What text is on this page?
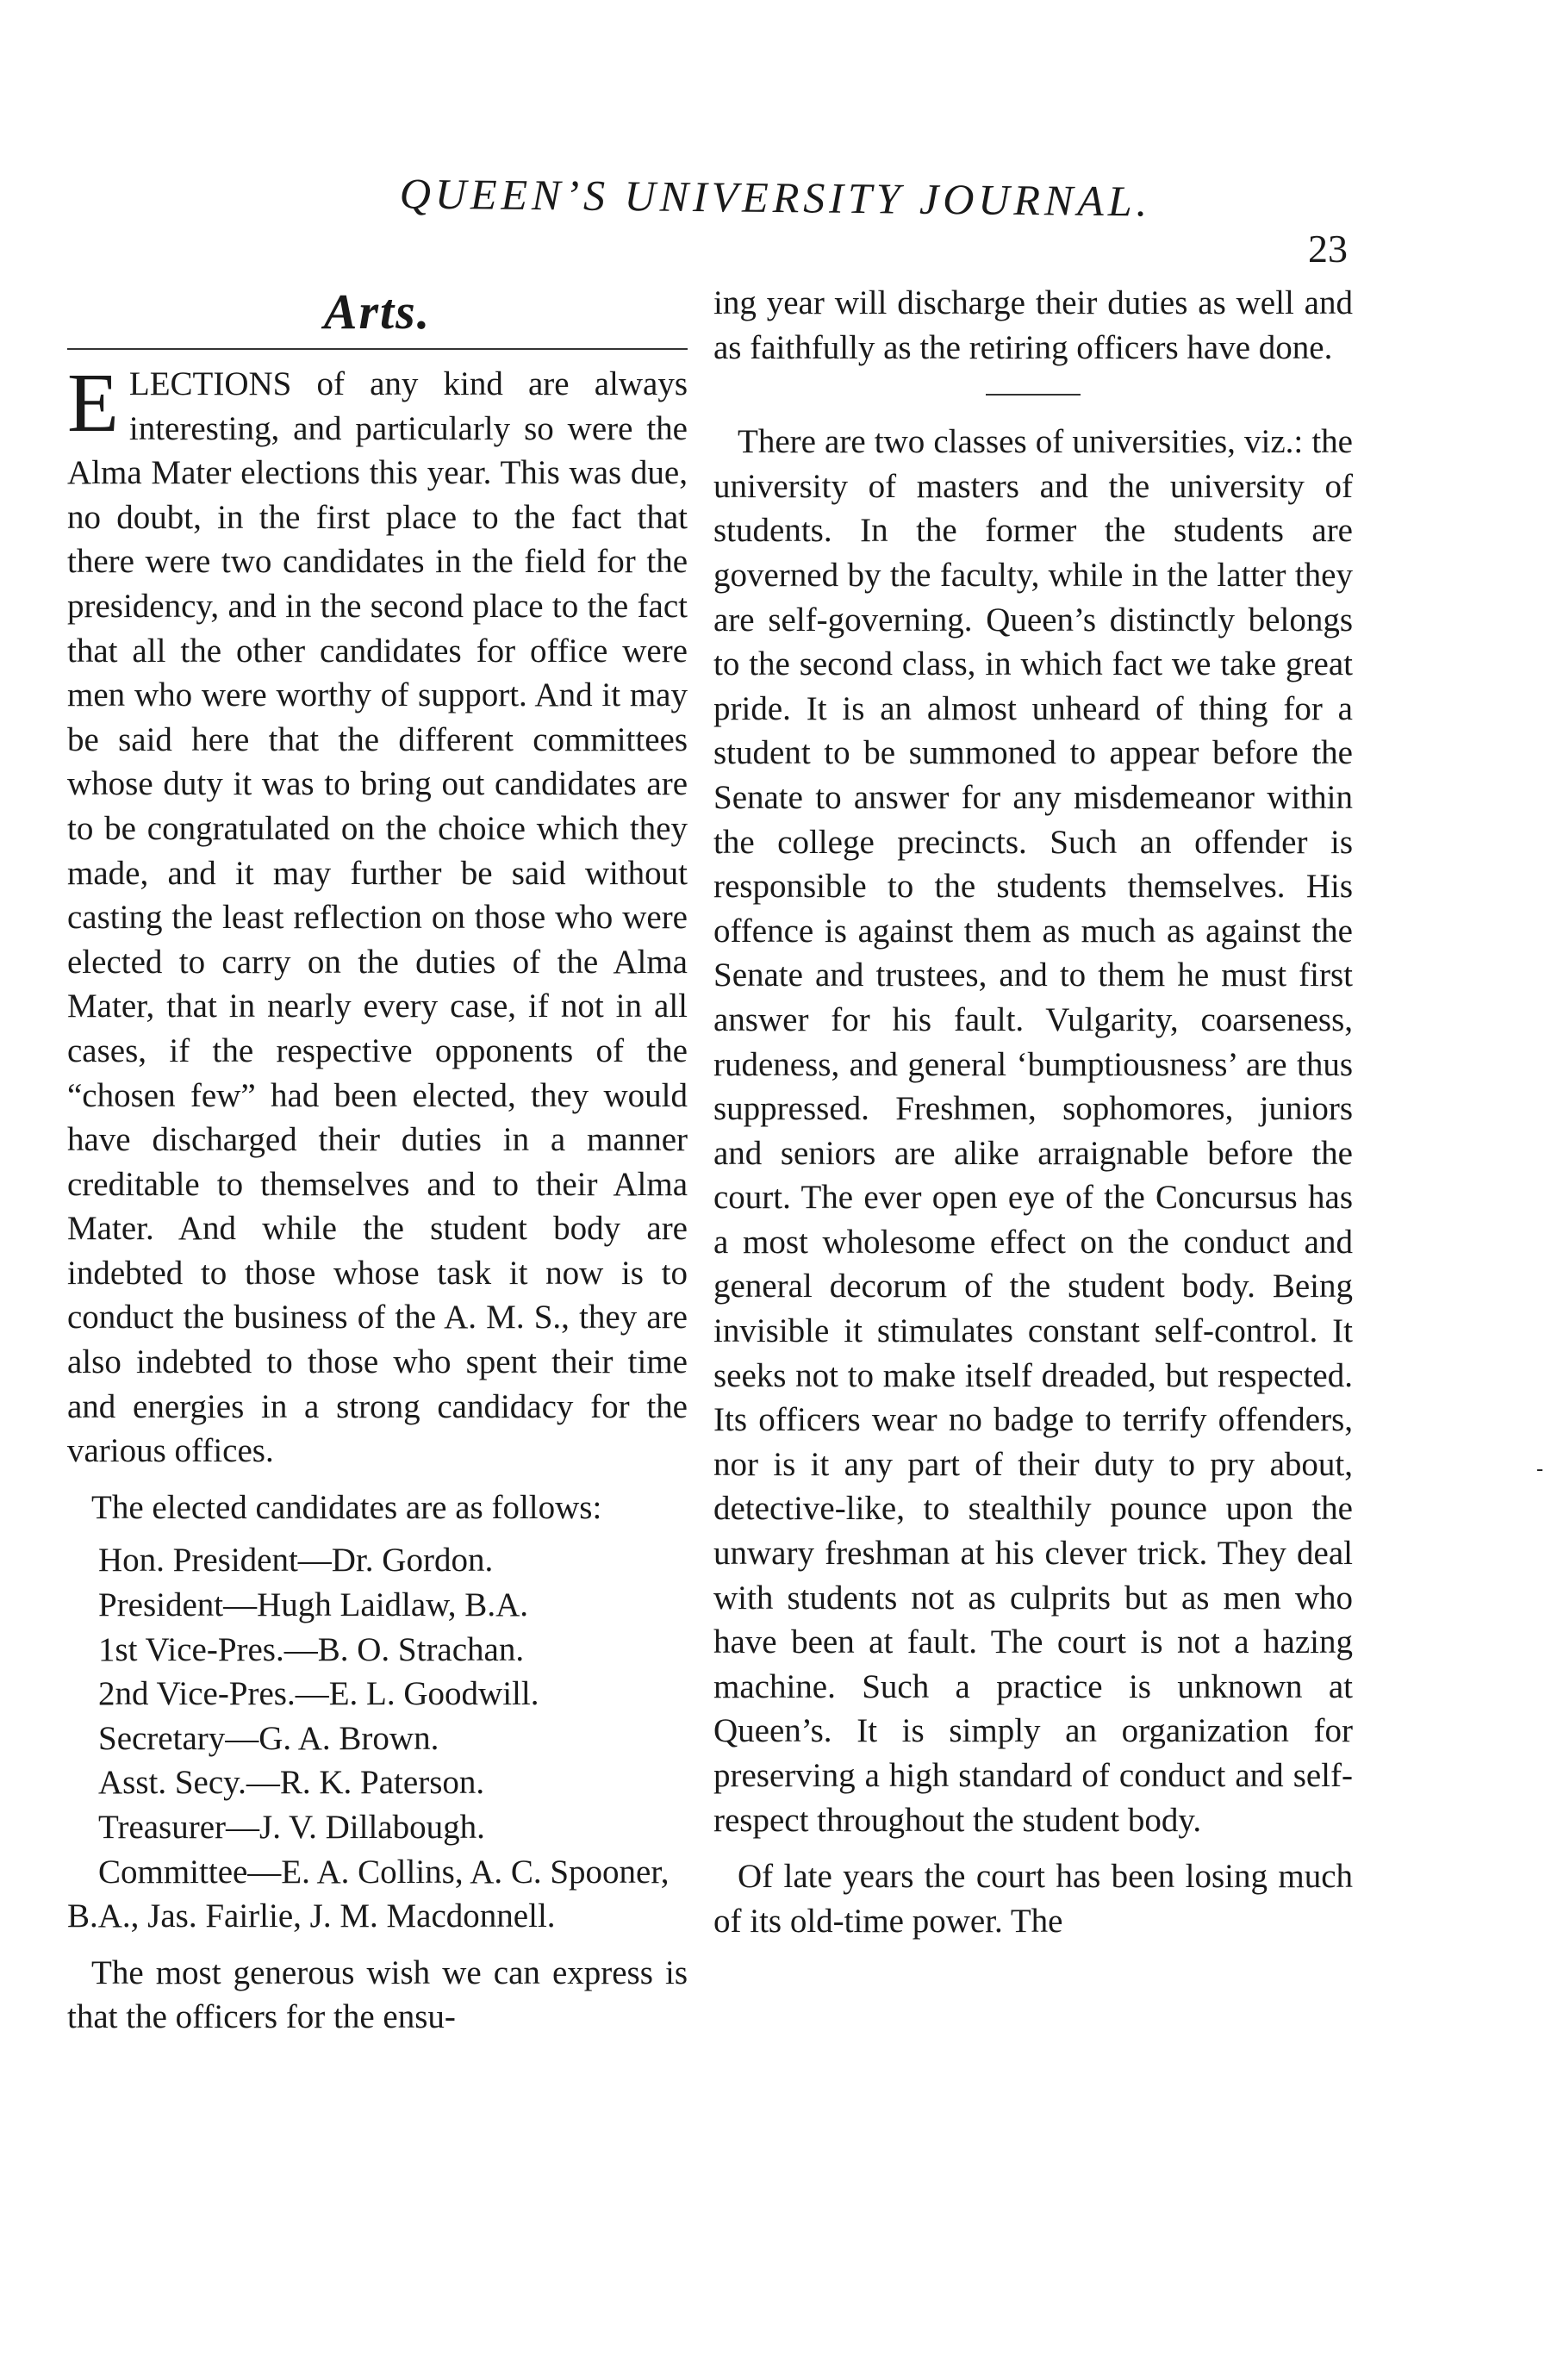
QUEEN’S UNIVERSITY JOURNAL.
23
Arts.

ELECTIONS of any kind are always interesting, and particularly so were the Alma Mater elections this year. This was due, no doubt, in the first place to the fact that there were two candidates in the field for the presidency, and in the second place to the fact that all the other candidates for office were men who were worthy of support. And it may be said here that the different committees whose duty it was to bring out candidates are to be congratulated on the choice which they made, and it may further be said without casting the least reflection on those who were elected to carry on the duties of the Alma Mater, that in nearly every case, if not in all cases, if the respective opponents of the “chosen few” had been elected, they would have discharged their duties in a manner creditable to themselves and to their Alma Mater. And while the student body are indebted to those whose task it now is to conduct the business of the A. M. S., they are also indebted to those who spent their time and energies in a strong candidacy for the various offices.

The elected candidates are as follows:

Hon. President—Dr. Gordon.
President—Hugh Laidlaw, B.A.
1st Vice-Pres.—B. O. Strachan.
2nd Vice-Pres.—E. L. Goodwill.
Secretary—G. A. Brown.
Asst. Secy.—R. K. Paterson.
Treasurer—J. V. Dillabough.
Committee—E. A. Collins, A. C. Spooner, B.A., Jas. Fairlie, J. M. Macdonnell.

The most generous wish we can express is that the officers for the ensu-

ing year will discharge their duties as well and as faithfully as the retiring officers have done.

There are two classes of universities, viz.: the university of masters and the university of students. In the former the students are governed by the faculty, while in the latter they are self-governing. Queen’s distinctly belongs to the second class, in which fact we take great pride. It is an almost unheard of thing for a student to be summoned to appear before the Senate to answer for any misdemeanor within the college precincts. Such an offender is responsible to the students themselves. His offence is against them as much as against the Senate and trustees, and to them he must first answer for his fault. Vulgarity, coarseness, rudeness, and general ‘bumptiousness’ are thus suppressed. Freshmen, sophomores, juniors and seniors are alike arraignable before the court. The ever open eye of the Concursus has a most wholesome effect on the conduct and general decorum of the student body. Being invisible it stimulates constant self-control. It seeks not to make itself dreaded, but respected. Its officers wear no badge to terrify offenders, nor is it any part of their duty to pry about, detective-like, to stealthily pounce upon the unwary freshman at his clever trick. They deal with students not as culprits but as men who have been at fault. The court is not a hazing machine. Such a practice is unknown at Queen’s. It is simply an organization for preserving a high standard of conduct and self-respect throughout the student body.

Of late years the court has been losing much of its old-time power. The

-
